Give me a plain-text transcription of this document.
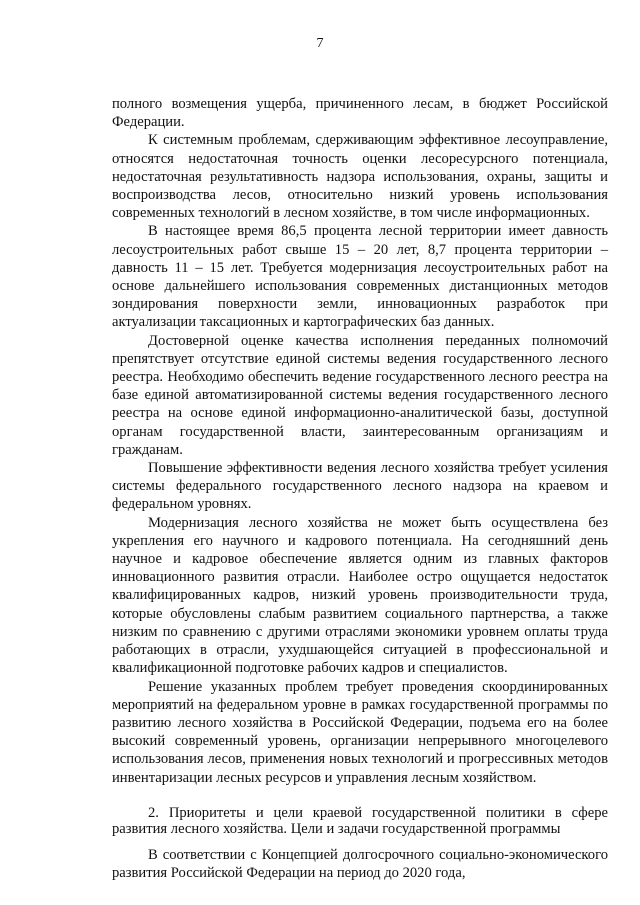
7

полного возмещения ущерба, причиненного лесам, в бюджет Российской Федерации.

К системным проблемам, сдерживающим эффективное лесоуправление, относятся недостаточная точность оценки лесоресурсного потенциала, недостаточная результативность надзора использования, охраны, защиты и воспроизводства лесов, относительно низкий уровень использования современных технологий в лесном хозяйстве, в том числе информационных.

В настоящее время 86,5 процента лесной территории имеет давность лесоустроительных работ свыше 15 – 20 лет, 8,7 процента территории – давность 11 – 15 лет. Требуется модернизация лесоустроительных работ на основе дальнейшего использования современных дистанционных методов зондирования поверхности земли, инновационных разработок при актуализации таксационных и картографических баз данных.

Достоверной оценке качества исполнения переданных полномочий препятствует отсутствие единой системы ведения государственного лесного реестра. Необходимо обеспечить ведение государственного лесного реестра на базе единой автоматизированной системы ведения государственного лесного реестра на основе единой информационно-аналитической базы, доступной органам государственной власти, заинтересованным организациям и гражданам.

Повышение эффективности ведения лесного хозяйства требует усиления системы федерального государственного лесного надзора на краевом и федеральном уровнях.

Модернизация лесного хозяйства не может быть осуществлена без укрепления его научного и кадрового потенциала. На сегодняшний день научное и кадровое обеспечение является одним из главных факторов инновационного развития отрасли. Наиболее остро ощущается недостаток квалифицированных кадров, низкий уровень производительности труда, которые обусловлены слабым развитием социального партнерства, а также низким по сравнению с другими отраслями экономики уровнем оплаты труда работающих в отрасли, ухудшающейся ситуацией в профессиональной и квалификационной подготовке рабочих кадров и специалистов.

Решение указанных проблем требует проведения скоординированных мероприятий на федеральном уровне в рамках государственной программы по развитию лесного хозяйства в Российской Федерации, подъема его на более высокий современный уровень, организации непрерывного многоцелевого использования лесов, применения новых технологий и прогрессивных методов инвентаризации лесных ресурсов и управления лесным хозяйством.

2. Приоритеты и цели краевой государственной политики в сфере развития лесного хозяйства. Цели и задачи государственной программы

В соответствии с Концепцией долгосрочного социально-экономического развития Российской Федерации на период до 2020 года,
